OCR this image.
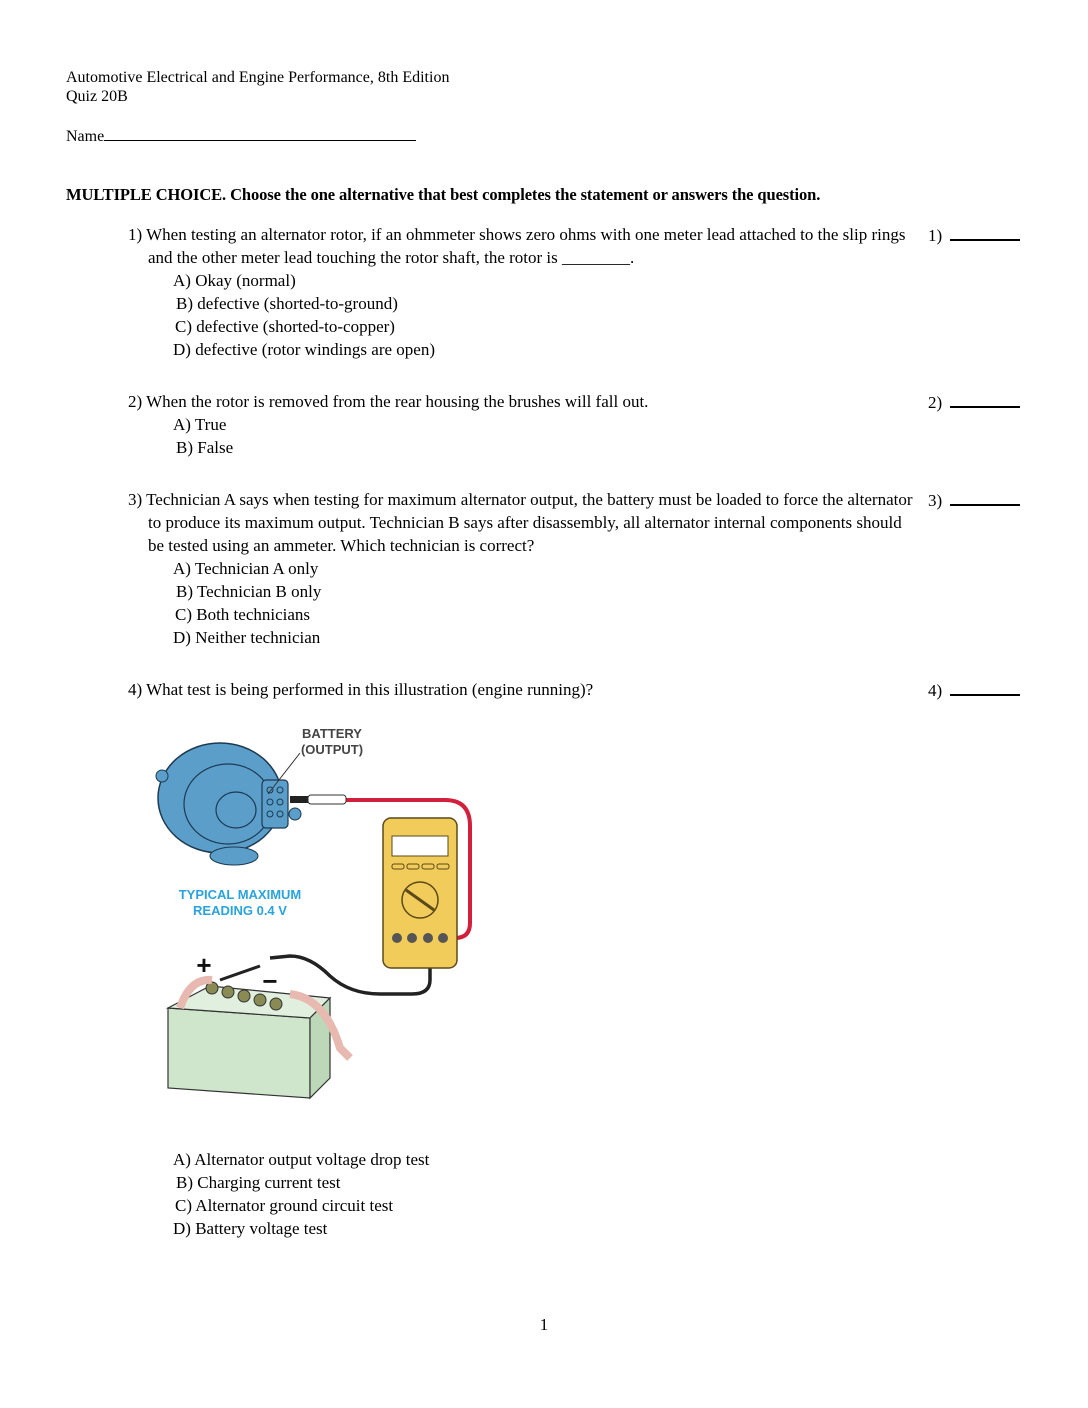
Automotive Electrical and Engine Performance, 8th Edition
Quiz 20B
Name
MULTIPLE CHOICE. Choose the one alternative that best completes the statement or answers the question.
1) When testing an alternator rotor, if an ohmmeter shows zero ohms with one meter lead attached to the slip rings and the other meter lead touching the rotor shaft, the rotor is ________.
A) Okay (normal)
B) defective (shorted-to-ground)
C) defective (shorted-to-copper)
D) defective (rotor windings are open)
1)
2) When the rotor is removed from the rear housing the brushes will fall out.
A) True
B) False
2)
3) Technician A says when testing for maximum alternator output, the battery must be loaded to force the alternator to produce its maximum output. Technician B says after disassembly, all alternator internal components should be tested using an ammeter. Which technician is correct?
A) Technician A only
B) Technician B only
C) Both technicians
D) Neither technician
3)
4) What test is being performed in this illustration (engine running)?	4)
BATTERY
(OUTPUT)
TYPICAL MAXIMUM
READING 0.4 V
+
−
A) Alternator output voltage drop test
B) Charging current test
C) Alternator ground circuit test
D) Battery voltage test
1
